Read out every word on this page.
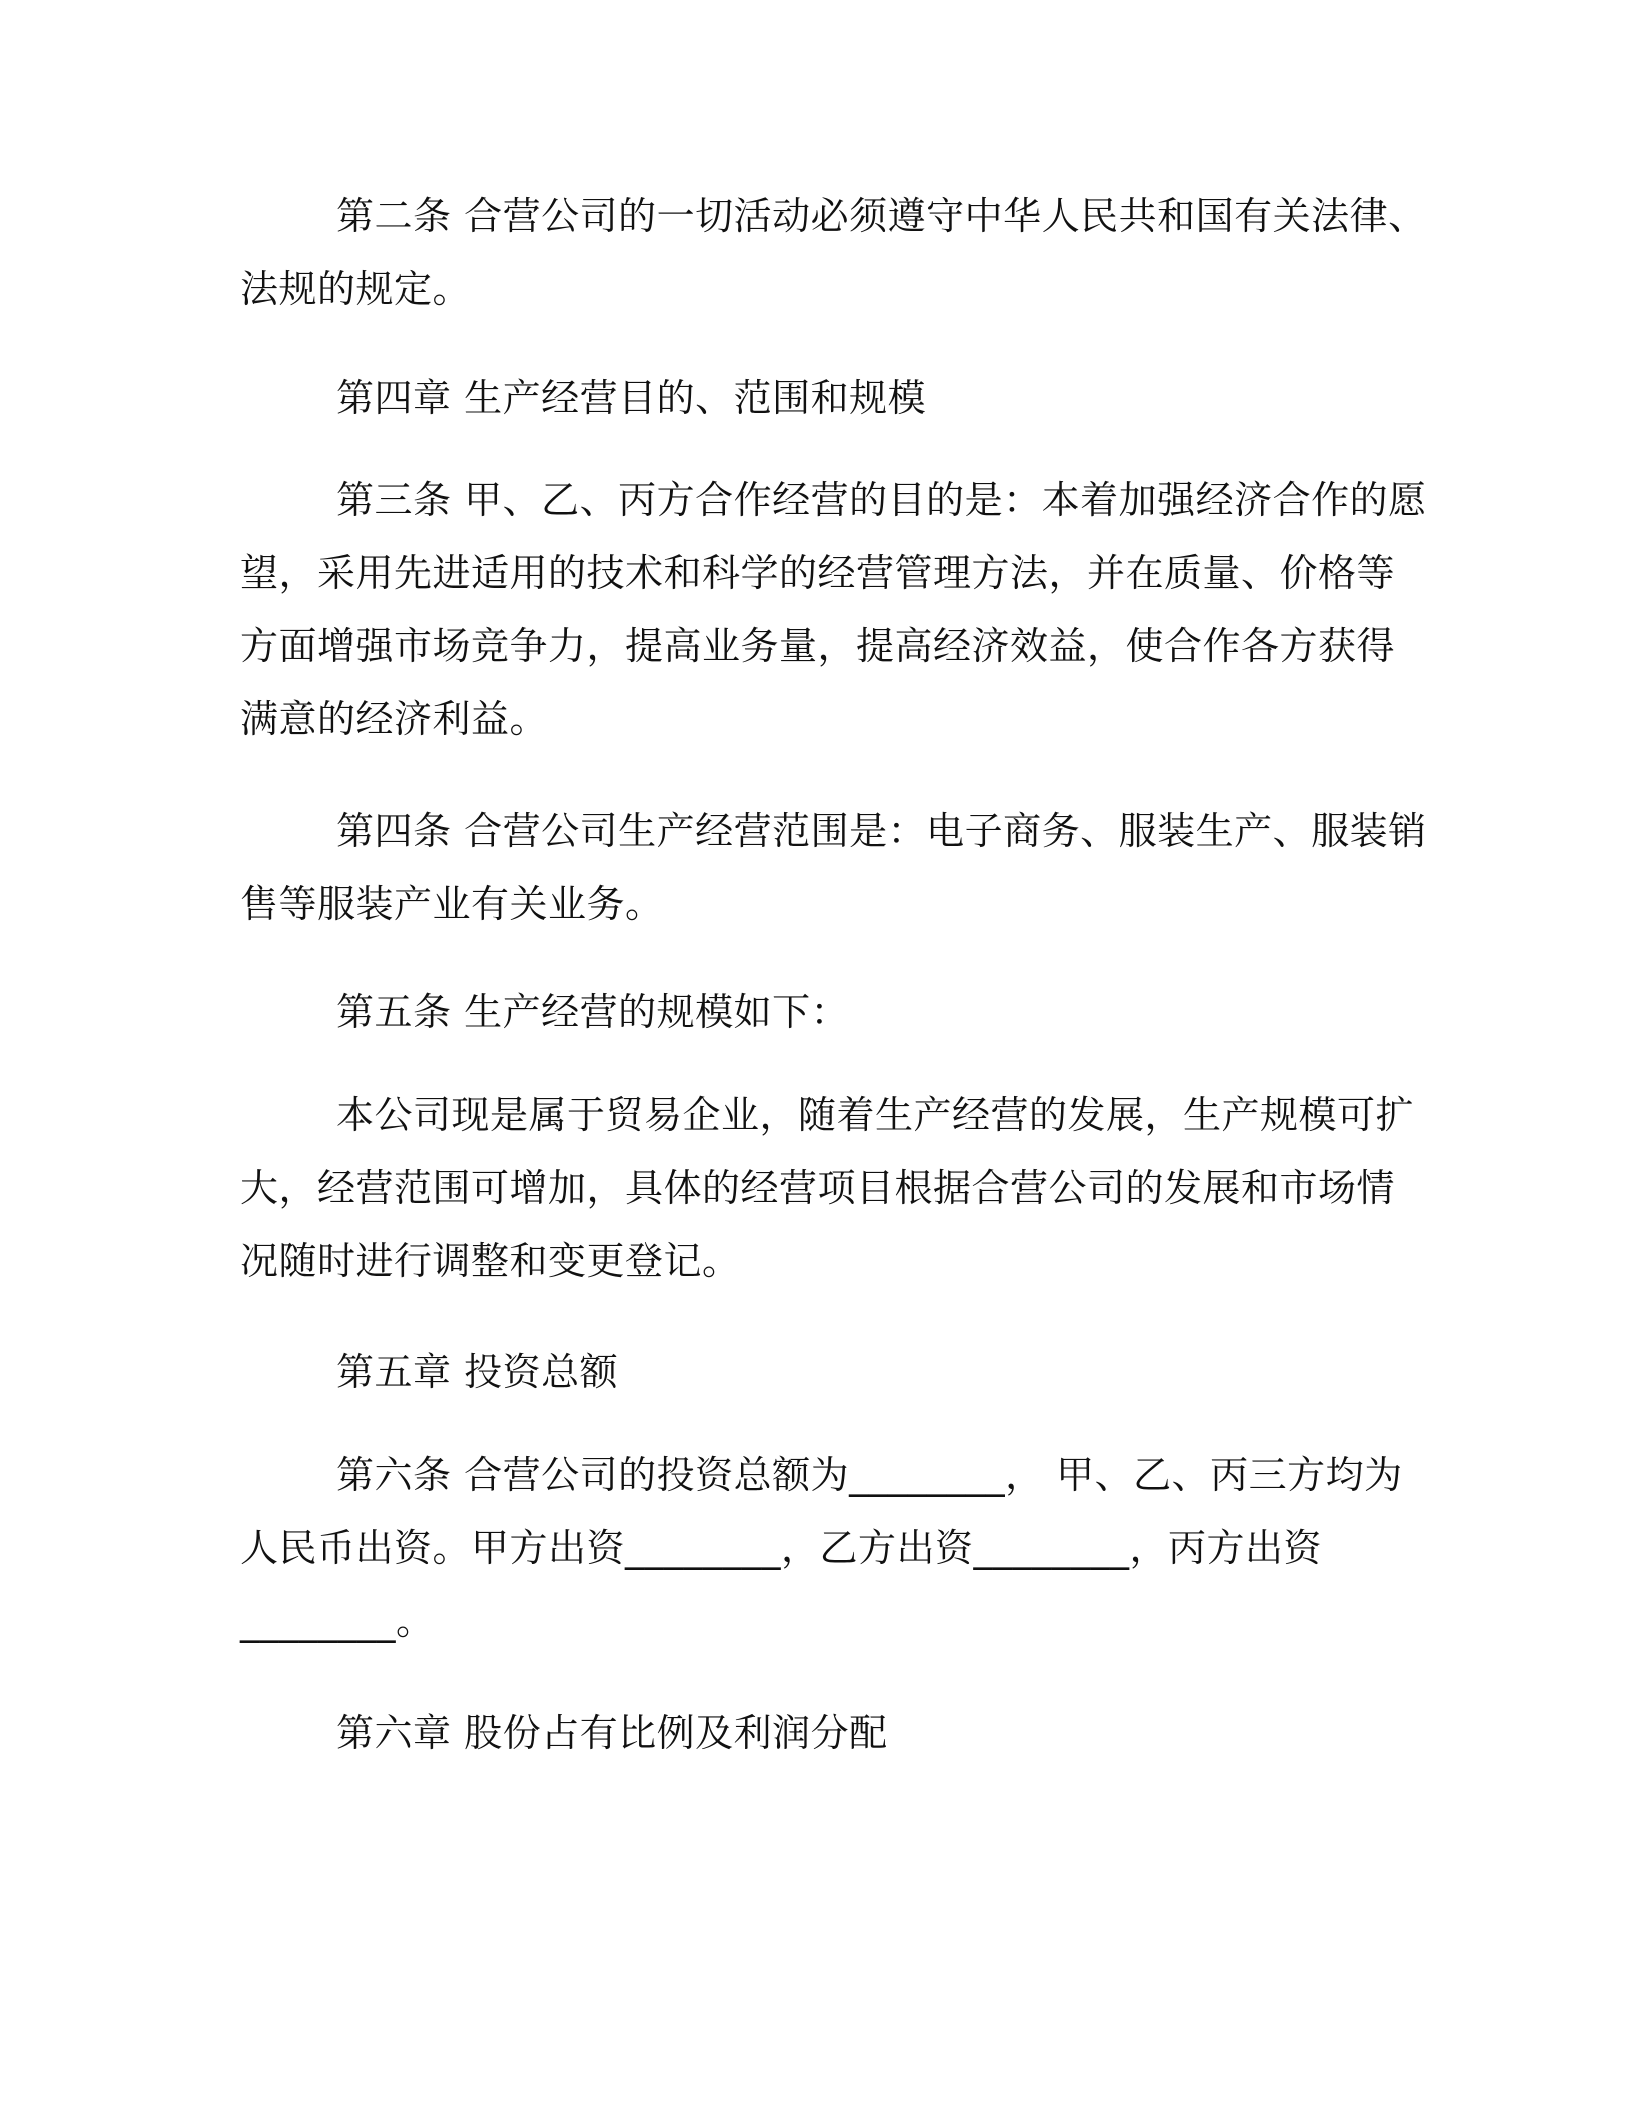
第二条 合营公司的一切活动必须遵守中华人民共和国有关法律、
法规的规定。
第四章 生产经营目的、范围和规模
第三条 甲、乙、丙方合作经营的目的是：本着加强经济合作的愿
望，采用先进适用的技术和科学的经营管理方法，并在质量、价格等
方面增强市场竞争力，提高业务量，提高经济效益，使合作各方获得
满意的经济利益。
第四条 合营公司生产经营范围是：电子商务、服装生产、服装销
售等服装产业有关业务。
第五条 生产经营的规模如下：
本公司现是属于贸易企业，随着生产经营的发展，生产规模可扩
大，经营范围可增加，具体的经营项目根据合营公司的发展和市场情
况随时进行调整和变更登记。
第五章 投资总额
第六条 合营公司的投资总额为________， 甲、乙、丙三方均为
人民币出资。甲方出资________，乙方出资________，丙方出资
________。
第六章 股份占有比例及利润分配
